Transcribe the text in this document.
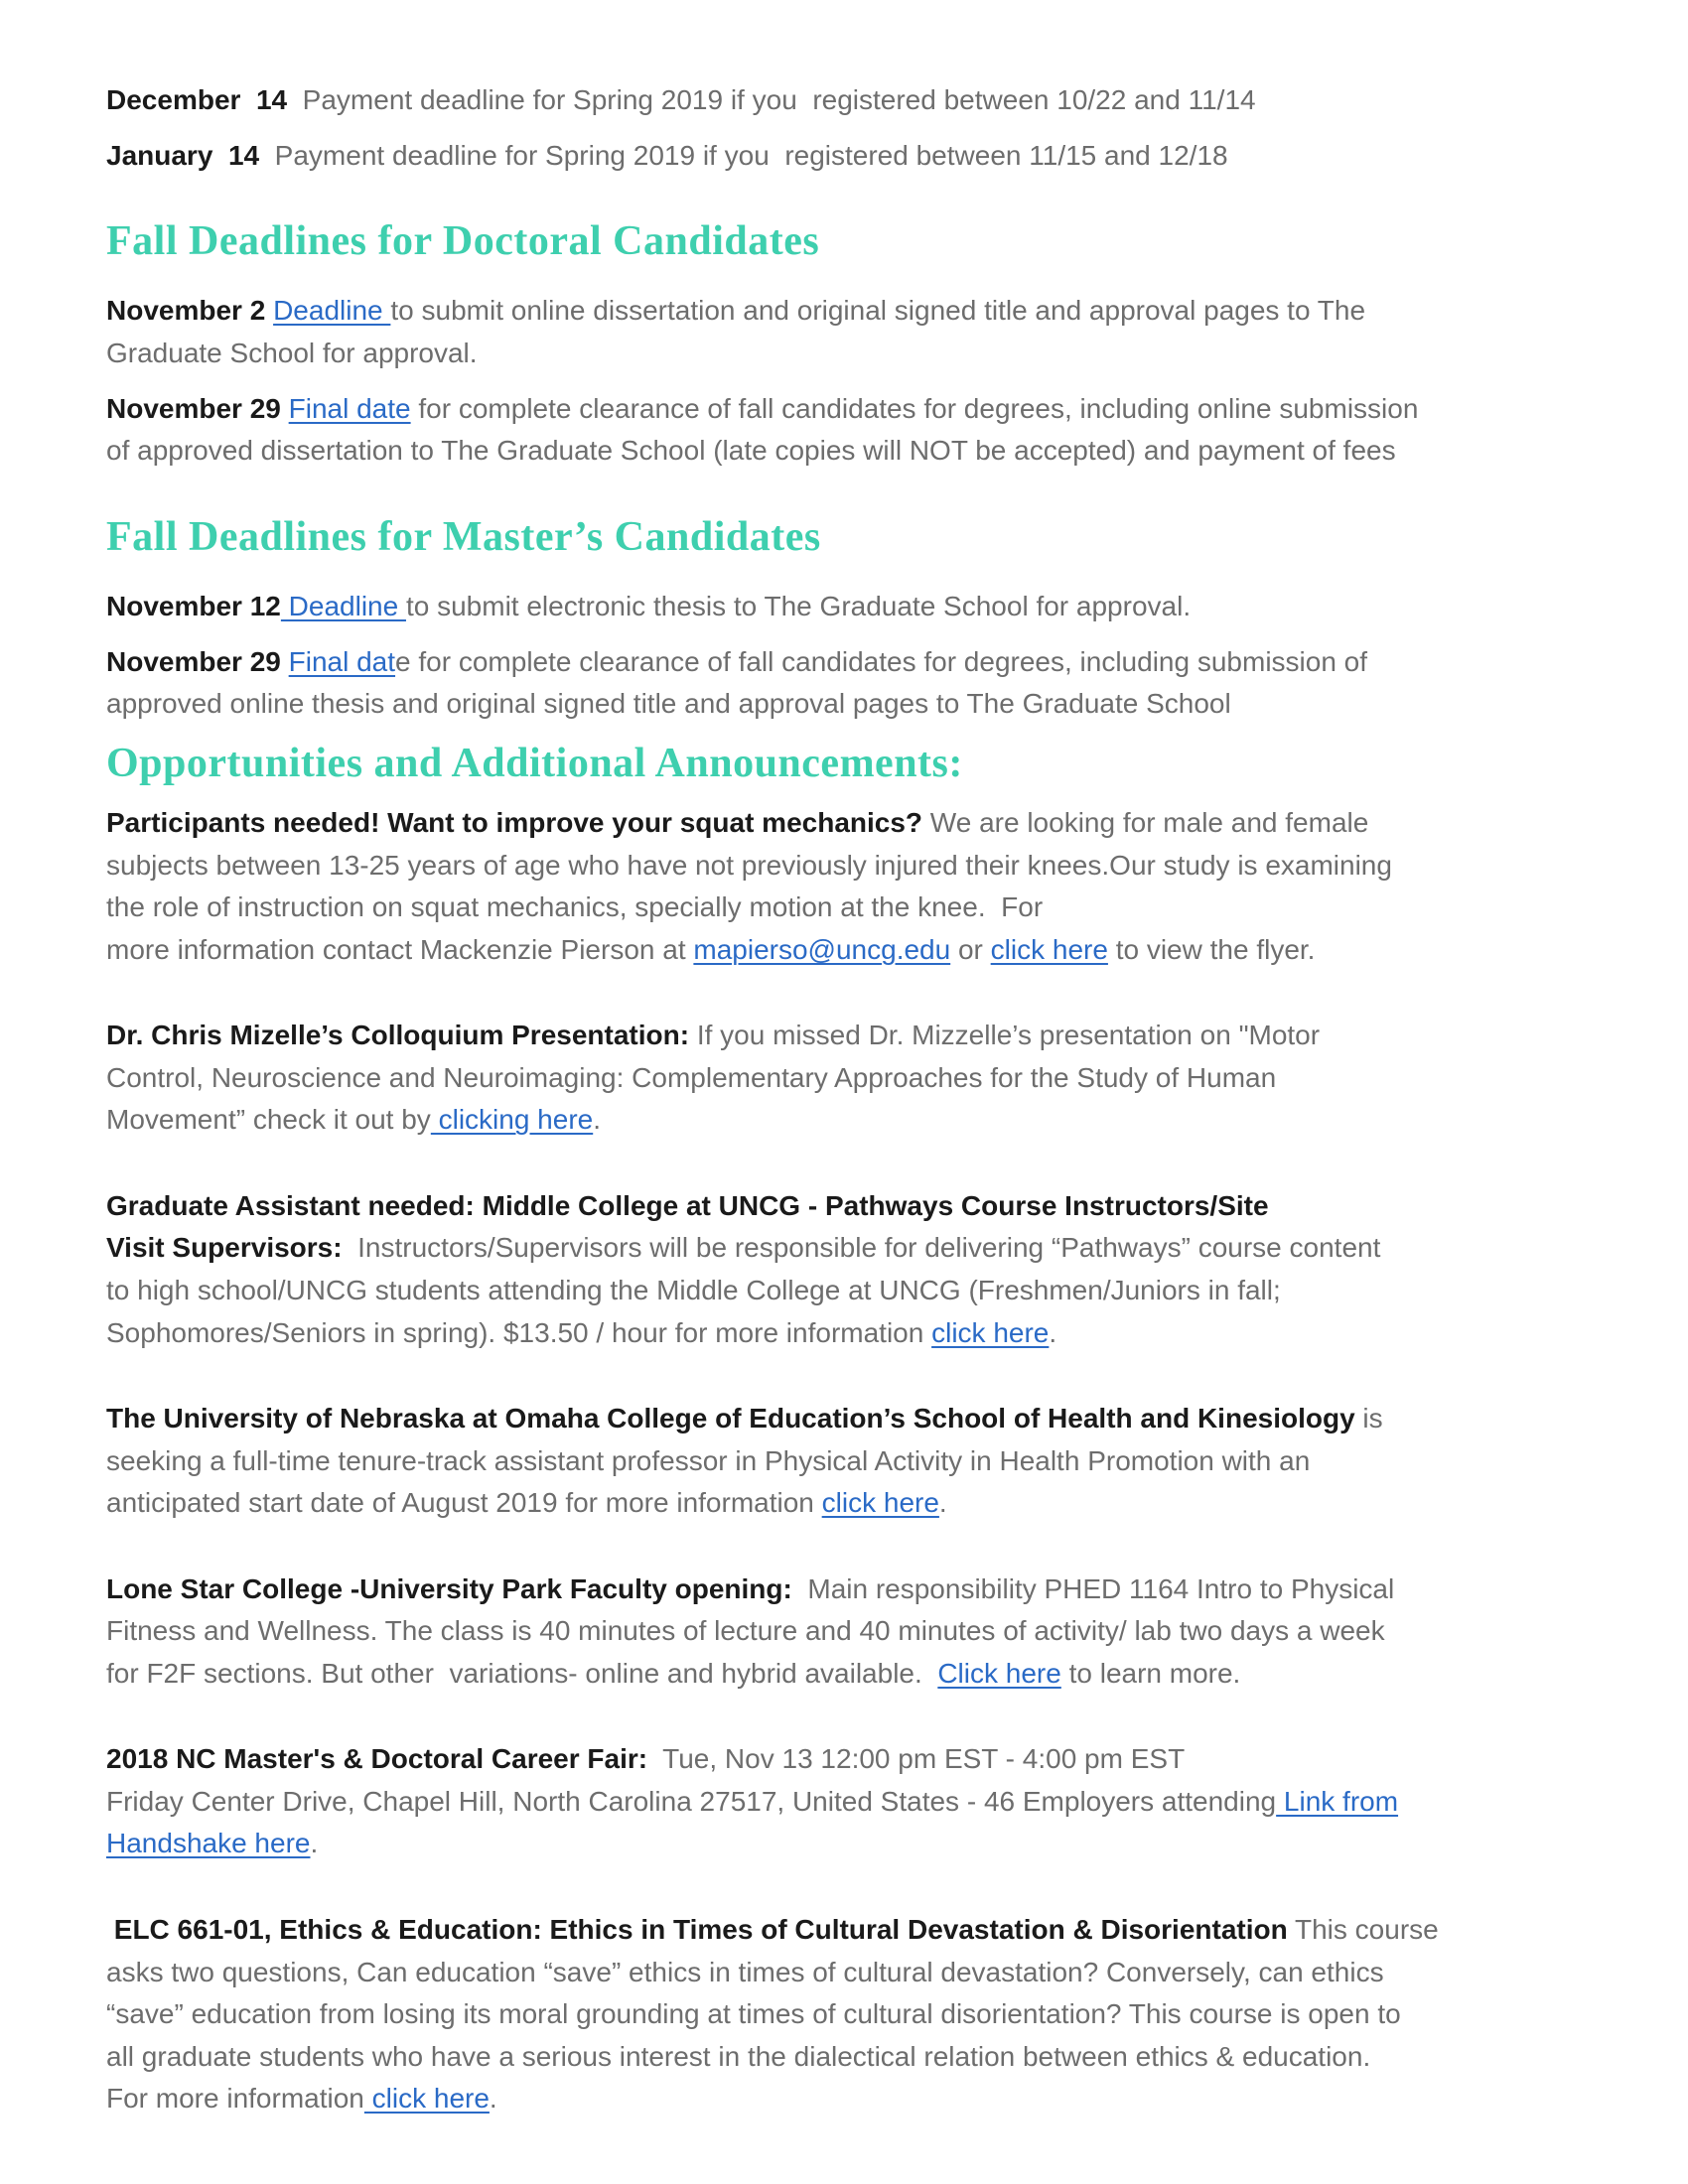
December  14  Payment deadline for Spring 2019 if you  registered between 10/22 and 11/14

January  14  Payment deadline for Spring 2019 if you  registered between 11/15 and 12/18

Fall Deadlines for Doctoral Candidates

November 2 Deadline to submit online dissertation and original signed title and approval pages to The
Graduate School for approval.

November 29 Final date for complete clearance of fall candidates for degrees, including online submission
of approved dissertation to The Graduate School (late copies will NOT be accepted) and payment of fees

Fall Deadlines for Master’s Candidates

November 12 Deadline to submit electronic thesis to The Graduate School for approval.

November 29 Final date for complete clearance of fall candidates for degrees, including submission of
approved online thesis and original signed title and approval pages to The Graduate School

Opportunities and Additional Announcements:

Participants needed! Want to improve your squat mechanics? We are looking for male and female
subjects between 13-25 years of age who have not previously injured their knees.Our study is examining
the role of instruction on squat mechanics, specially motion at the knee.  For
more information contact Mackenzie Pierson at mapierso@uncg.edu or click here to view the flyer.

Dr. Chris Mizelle’s Colloquium Presentation: If you missed Dr. Mizzelle’s presentation on "Motor
Control, Neuroscience and Neuroimaging: Complementary Approaches for the Study of Human
Movement” check it out by clicking here.

Graduate Assistant needed: Middle College at UNCG - Pathways Course Instructors/Site
Visit Supervisors:  Instructors/Supervisors will be responsible for delivering “Pathways” course content
to high school/UNCG students attending the Middle College at UNCG (Freshmen/Juniors in fall;
Sophomores/Seniors in spring). $13.50 / hour for more information click here.

The University of Nebraska at Omaha College of Education’s School of Health and Kinesiology is
seeking a full-time tenure-track assistant professor in Physical Activity in Health Promotion with an
anticipated start date of August 2019 for more information click here.

Lone Star College -University Park Faculty opening:  Main responsibility PHED 1164 Intro to Physical
Fitness and Wellness. The class is 40 minutes of lecture and 40 minutes of activity/ lab two days a week
for F2F sections. But other  variations- online and hybrid available.  Click here to learn more.

2018 NC Master's & Doctoral Career Fair:  Tue, Nov 13 12:00 pm EST - 4:00 pm EST
Friday Center Drive, Chapel Hill, North Carolina 27517, United States - 46 Employers attending Link from
Handshake here.

ELC 661-01, Ethics & Education: Ethics in Times of Cultural Devastation & Disorientation This course
asks two questions, Can education “save” ethics in times of cultural devastation? Conversely, can ethics
“save” education from losing its moral grounding at times of cultural disorientation? This course is open to
all graduate students who have a serious interest in the dialectical relation between ethics & education.
For more information click here.
